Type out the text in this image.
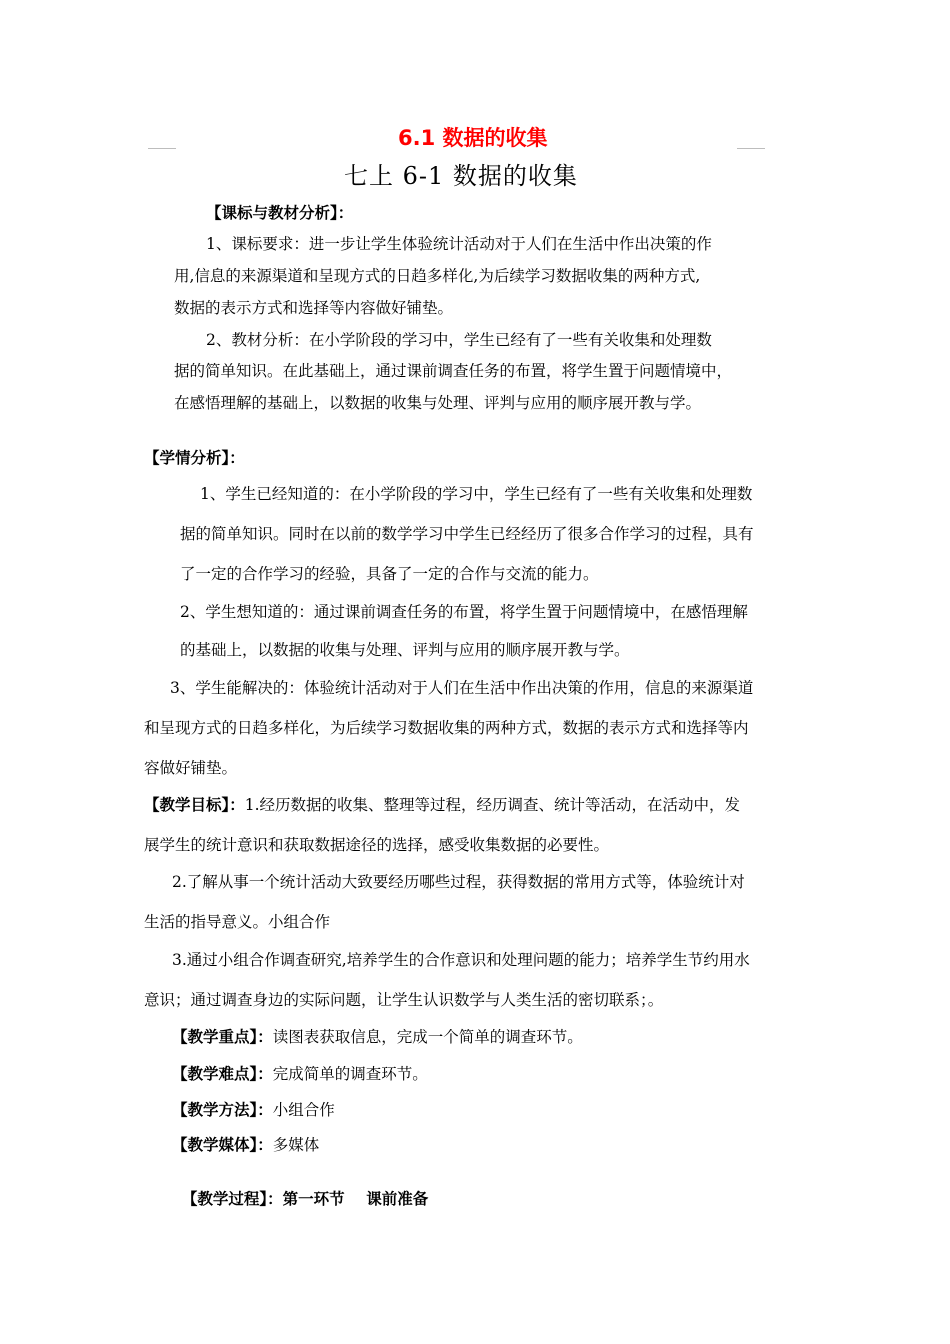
6.1 数据的收集
七上 6-1 数据的收集
【课标与教材分析】：
1、课标要求：进一步让学生体验统计活动对于人们在生活中作出决策的作
用,信息的来源渠道和呈现方式的日趋多样化,为后续学习数据收集的两种方式,
数据的表示方式和选择等内容做好铺垫。
2、教材分析：在小学阶段的学习中，学生已经有了一些有关收集和处理数
据的简单知识。在此基础上，通过课前调查任务的布置，将学生置于问题情境中，
在感悟理解的基础上，以数据的收集与处理、评判与应用的顺序展开教与学。
【学情分析】：
1、学生已经知道的：在小学阶段的学习中，学生已经有了一些有关收集和处理数
据的简单知识。同时在以前的数学学习中学生已经经历了很多合作学习的过程，具有
了一定的合作学习的经验，具备了一定的合作与交流的能力。
2、学生想知道的：通过课前调查任务的布置，将学生置于问题情境中，在感悟理解
的基础上，以数据的收集与处理、评判与应用的顺序展开教与学。
3、学生能解决的：体验统计活动对于人们在生活中作出决策的作用，信息的来源渠道
和呈现方式的日趋多样化，为后续学习数据收集的两种方式，数据的表示方式和选择等内
容做好铺垫。
【教学目标】：1.经历数据的收集、整理等过程，经历调查、统计等活动，在活动中，发
展学生的统计意识和获取数据途径的选择，感受收集数据的必要性。
2.了解从事一个统计活动大致要经历哪些过程，获得数据的常用方式等，体验统计对
生活的指导意义。小组合作
3.通过小组合作调查研究,培养学生的合作意识和处理问题的能力；培养学生节约用水
意识；通过调查身边的实际问题，让学生认识数学与人类生活的密切联系；。
【教学重点】：读图表获取信息，完成一个简单的调查环节。
【教学难点】：完成简单的调查环节。
【教学方法】：小组合作
【教学媒体】：多媒体

【教学过程】：第一环节    课前准备
